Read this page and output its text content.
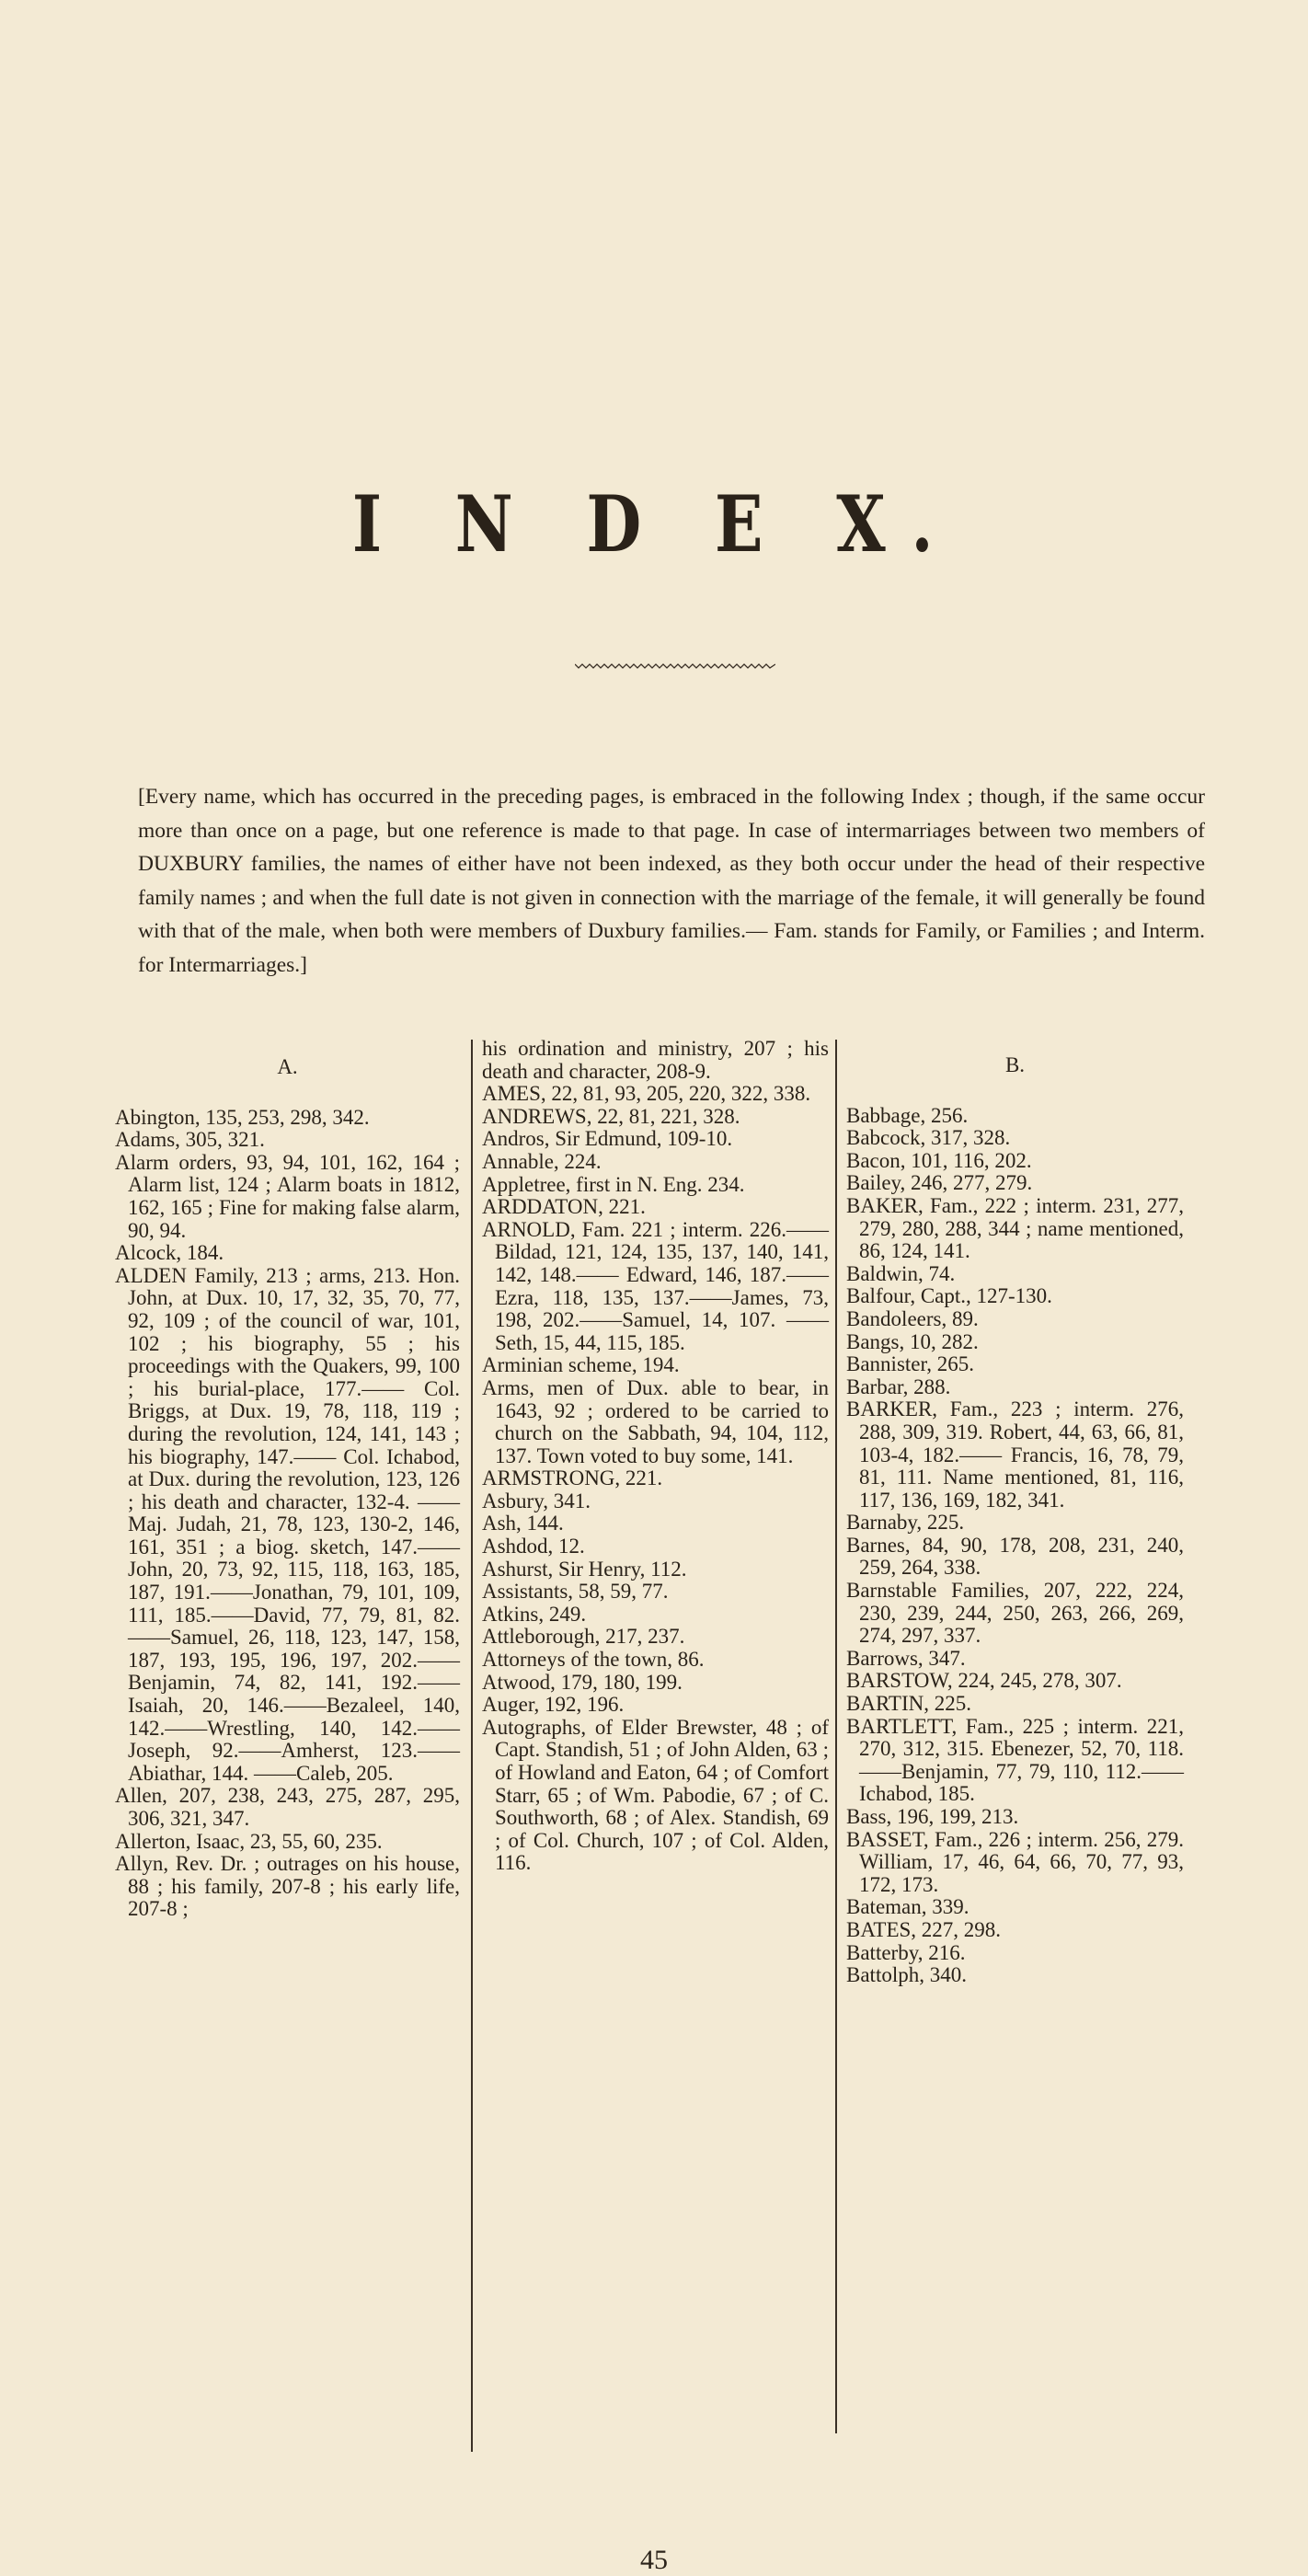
I N D E X.
[Every name, which has occurred in the preceding pages, is embraced in the following Index ; though, if the same occur more than once on a page, but one reference is made to that page. In case of intermarriages between two members of DUXBURY families, the names of either have not been indexed, as they both occur under the head of their respective family names ; and when the full date is not given in connection with the marriage of the female, it will generally be found with that of the male, when both were members of Duxbury families.— Fam. stands for Family, or Families ; and Interm. for Intermarriages.]
A.
Abington, 135, 253, 298, 342.
Adams, 305, 321.
Alarm orders, 93, 94, 101, 162, 164 ; Alarm list, 124 ; Alarm boats in 1812, 162, 165 ; Fine for making false alarm, 90, 94.
Alcock, 184.
ALDEN Family, 213 ; arms, 213. Hon. John, at Dux. 10, 17, 32, 35, 70, 77, 92, 109 ; of the council of war, 101, 102 ; his biography, 55 ; his proceedings with the Quakers, 99, 100 ; his burial-place, 177.—— Col. Briggs, at Dux. 19, 78, 118, 119 ; during the revolution, 124, 141, 143 ; his biography, 147.—— Col. Ichabod, at Dux. during the revolution, 123, 126 ; his death and character, 132-4. ——Maj. Judah, 21, 78, 123, 130-2, 146, 161, 351 ; a biog. sketch, 147.——John, 20, 73, 92, 115, 118, 163, 185, 187, 191.——Jonathan, 79, 101, 109, 111, 185.——David, 77, 79, 81, 82.——Samuel, 26, 118, 123, 147, 158, 187, 193, 195, 196, 197, 202.——Benjamin, 74, 82, 141, 192.—— Isaiah, 20, 146.——Bezaleel, 140, 142.——Wrestling, 140, 142.——Joseph, 92.——Amherst, 123.——Abiathar, 144. ——Caleb, 205.
Allen, 207, 238, 243, 275, 287, 295, 306, 321, 347.
Allerton, Isaac, 23, 55, 60, 235.
Allyn, Rev. Dr. ; outrages on his house, 88 ; his family, 207-8 ; his early life, 207-8 ;
his ordination and ministry, 207 ; his death and character, 208-9.
AMES, 22, 81, 93, 205, 220, 322, 338.
ANDREWS, 22, 81, 221, 328.
Andros, Sir Edmund, 109-10.
Annable, 224.
Appletree, first in N. Eng. 234.
ARDDATON, 221.
ARNOLD, Fam. 221 ; interm. 226.——Bildad, 121, 124, 135, 137, 140, 141, 142, 148.—— Edward, 146, 187.——Ezra, 118, 135, 137.——James, 73, 198, 202.——Samuel, 14, 107. ——Seth, 15, 44, 115, 185.
Arminian scheme, 194.
Arms, men of Dux. able to bear, in 1643, 92 ; ordered to be carried to church on the Sabbath, 94, 104, 112, 137. Town voted to buy some, 141.
ARMSTRONG, 221.
Asbury, 341.
Ash, 144.
Ashdod, 12.
Ashurst, Sir Henry, 112.
Assistants, 58, 59, 77.
Atkins, 249.
Attleborough, 217, 237.
Attorneys of the town, 86.
Atwood, 179, 180, 199.
Auger, 192, 196.
Autographs, of Elder Brewster, 48 ; of Capt. Standish, 51 ; of John Alden, 63 ; of Howland and Eaton, 64 ; of Comfort Starr, 65 ; of Wm. Pabodie, 67 ; of C. Southworth, 68 ; of Alex. Standish, 69 ; of Col. Church, 107 ; of Col. Alden, 116.
B.
Babbage, 256.
Babcock, 317, 328.
Bacon, 101, 116, 202.
Bailey, 246, 277, 279.
BAKER, Fam., 222 ; interm. 231, 277, 279, 280, 288, 344 ; name mentioned, 86, 124, 141.
Baldwin, 74.
Balfour, Capt., 127-130.
Bandoleers, 89.
Bangs, 10, 282.
Bannister, 265.
Barbar, 288.
BARKER, Fam., 223 ; interm. 276, 288, 309, 319. Robert, 44, 63, 66, 81, 103-4, 182.—— Francis, 16, 78, 79, 81, 111. Name mentioned, 81, 116, 117, 136, 169, 182, 341.
Barnaby, 225.
Barnes, 84, 90, 178, 208, 231, 240, 259, 264, 338.
Barnstable Families, 207, 222, 224, 230, 239, 244, 250, 263, 266, 269, 274, 297, 337.
Barrows, 347.
BARSTOW, 224, 245, 278, 307.
BARTIN, 225.
BARTLETT, Fam., 225 ; interm. 221, 270, 312, 315. Ebenezer, 52, 70, 118.——Benjamin, 77, 79, 110, 112.——Ichabod, 185.
Bass, 196, 199, 213.
BASSET, Fam., 226 ; interm. 256, 279. William, 17, 46, 64, 66, 70, 77, 93, 172, 173.
Bateman, 339.
BATES, 227, 298.
Batterby, 216.
Battolph, 340.
45
